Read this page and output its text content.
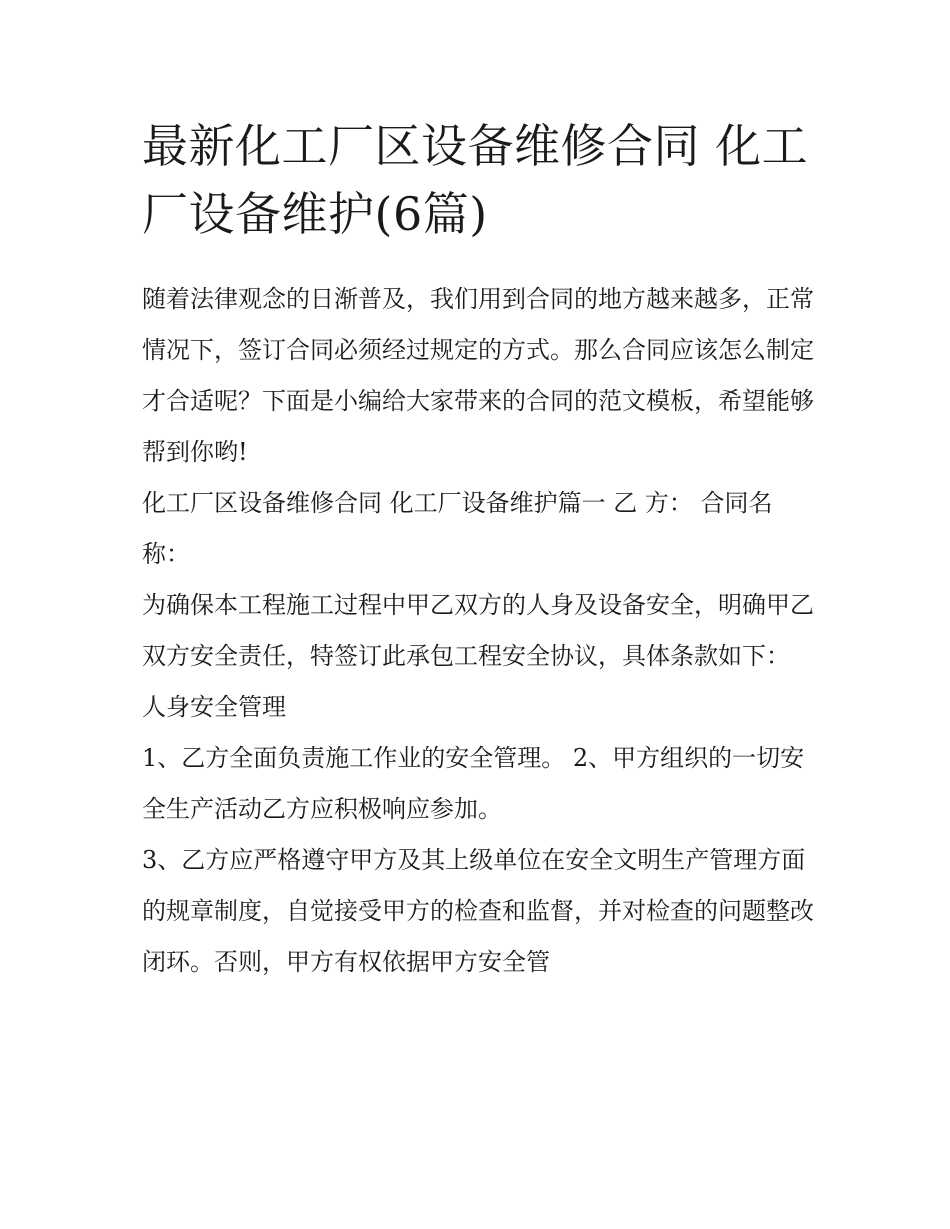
最新化工厂区设备维修合同 化工厂设备维护(6篇)

随着法律观念的日渐普及，我们用到合同的地方越来越多，正常情况下，签订合同必须经过规定的方式。那么合同应该怎么制定才合适呢？下面是小编给大家带来的合同的范文模板，希望能够帮到你哟!

化工厂区设备维修合同 化工厂设备维护篇一 乙 方： 合同名称：

为确保本工程施工过程中甲乙双方的人身及设备安全，明确甲乙双方安全责任，特签订此承包工程安全协议，具体条款如下： 人身安全管理

1、乙方全面负责施工作业的安全管理。 2、甲方组织的一切安全生产活动乙方应积极响应参加。

3、乙方应严格遵守甲方及其上级单位在安全文明生产管理方面的规章制度，自觉接受甲方的检查和监督，并对检查的问题整改闭环。否则，甲方有权依据甲方安全管
